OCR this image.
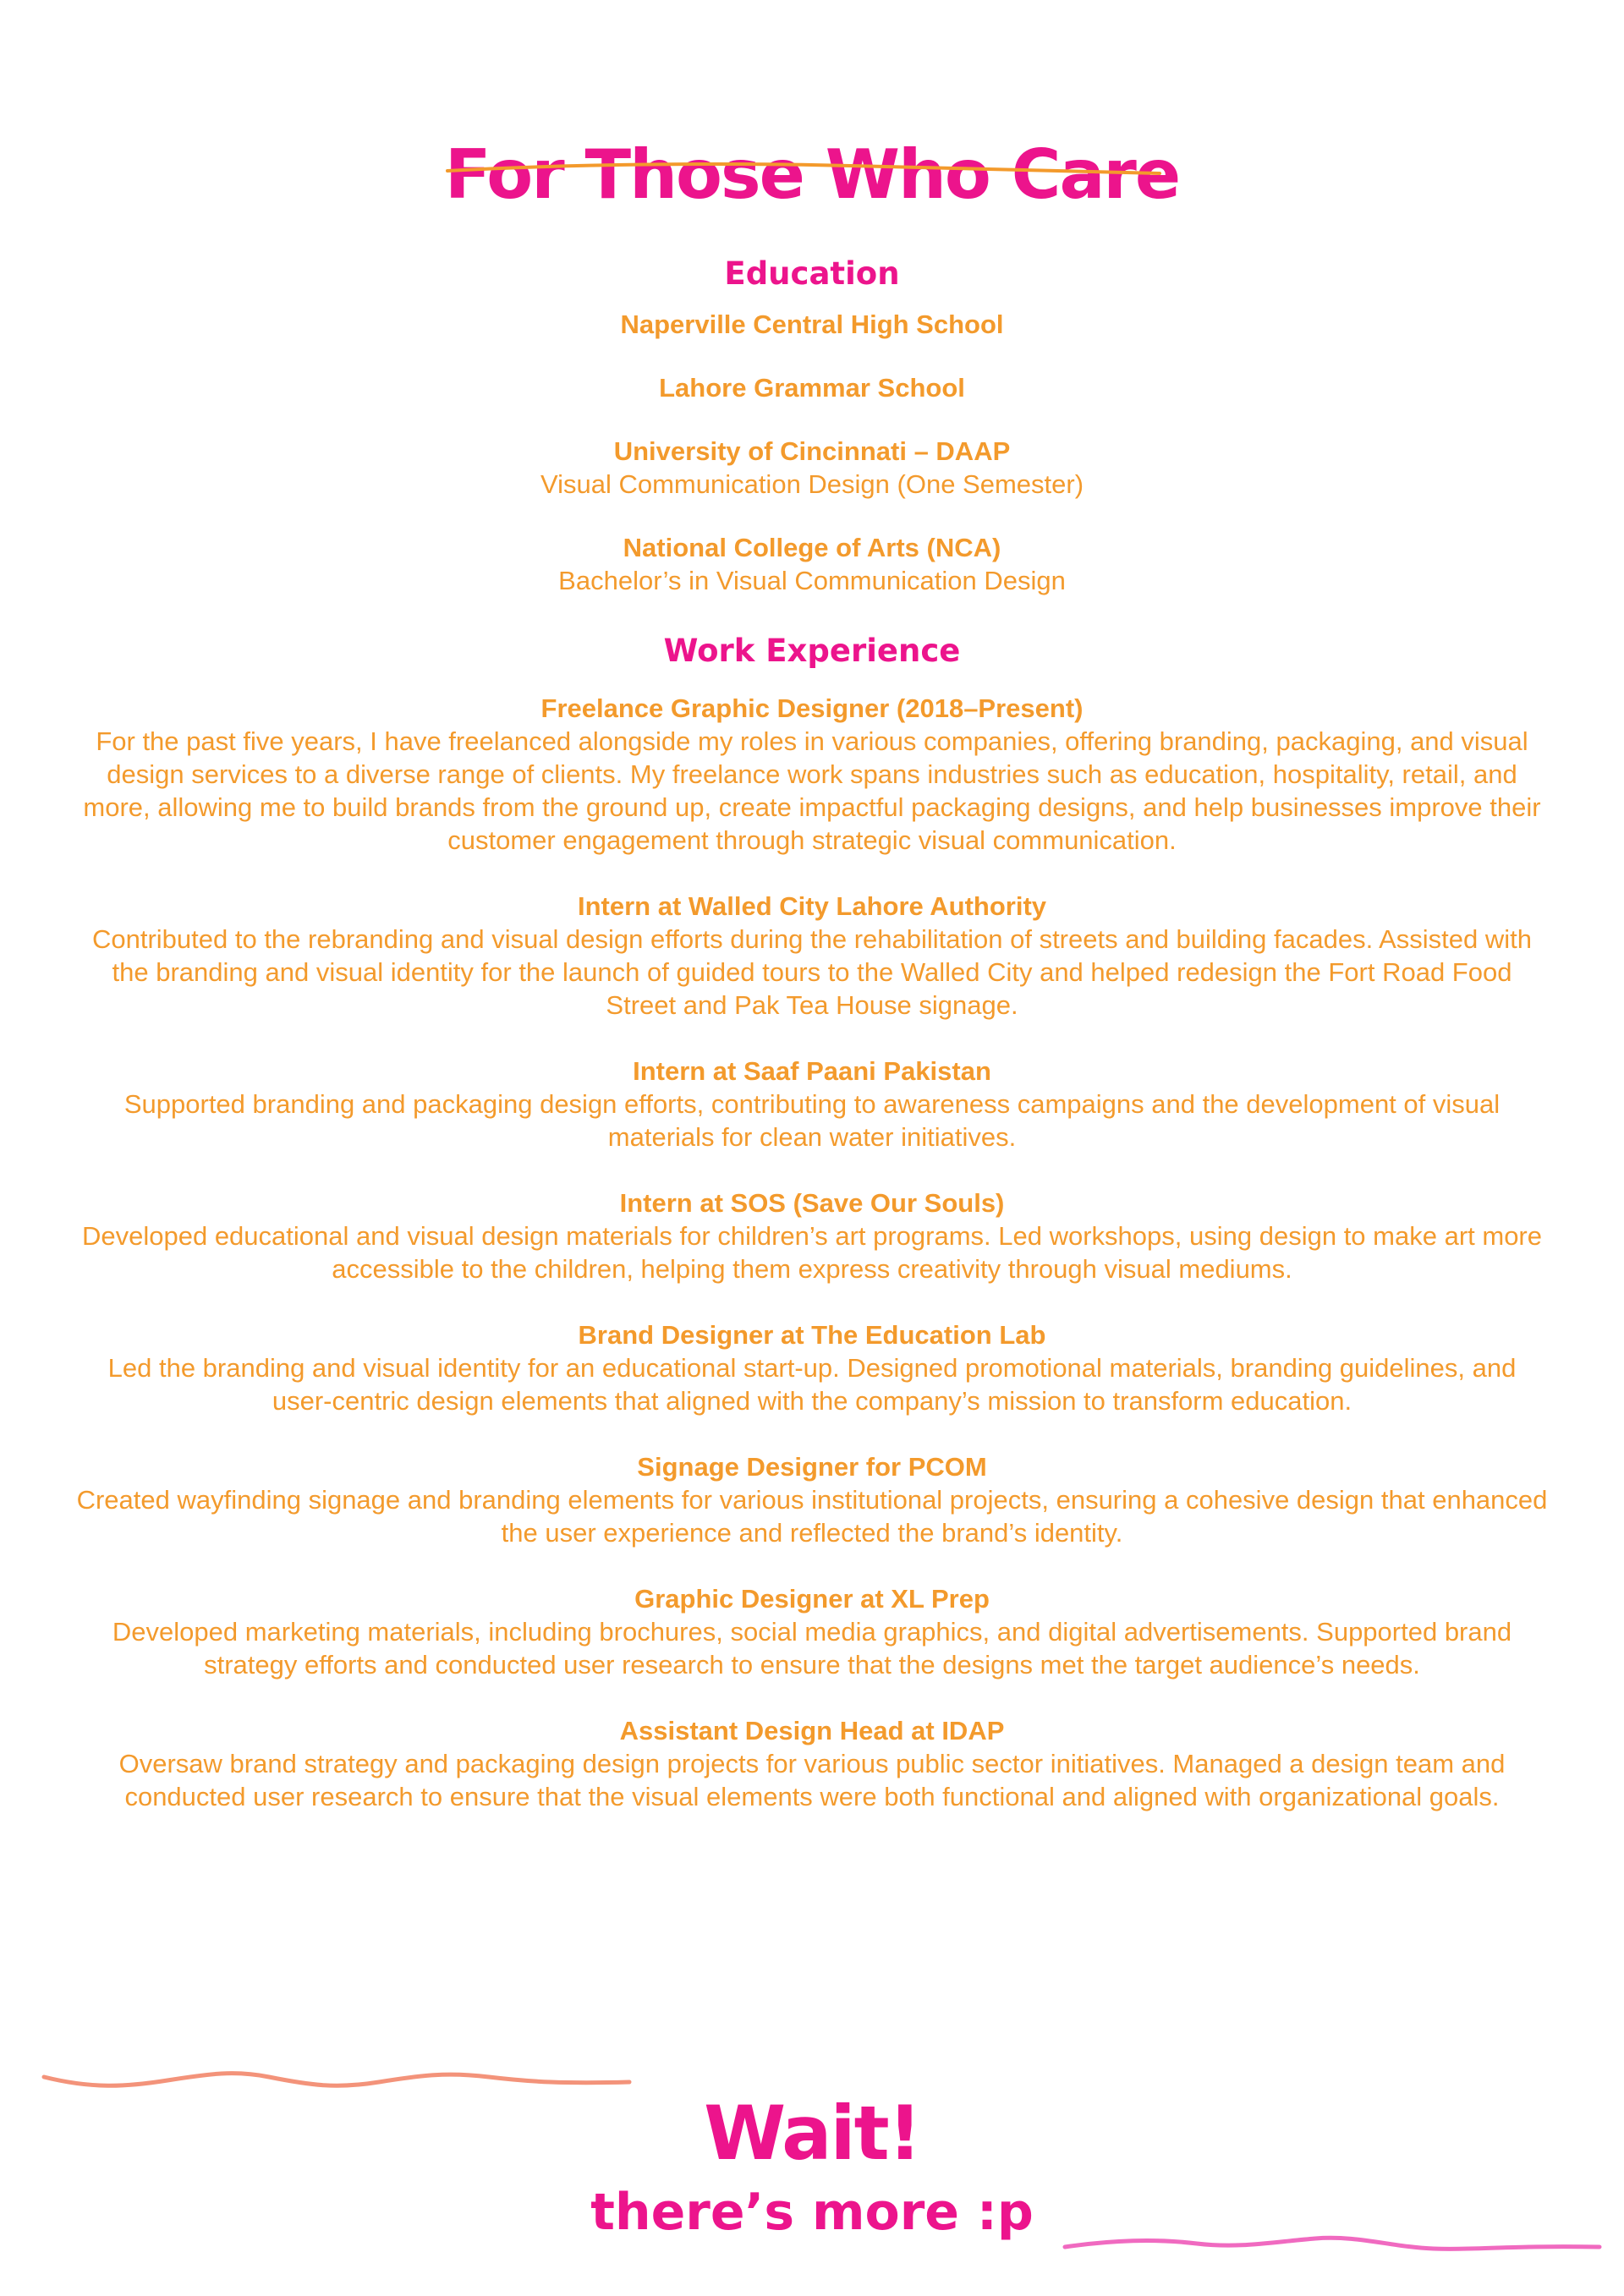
For Those Who Care
Education

Naperville Central High School

Lahore Grammar School

University of Cincinnati – DAAP

Visual Communication Design (One Semester)

National College of Arts (NCA)

Bachelor’s in Visual Communication Design

Work Experience

Freelance Graphic Designer (2018–Present)

For the past five years, I have freelanced alongside my roles in various companies, offering branding, packaging, and visual design services to a diverse range of clients. My freelance work spans industries such as education, hospitality, retail, and more, allowing me to build brands from the ground up, create impactful packaging designs, and help businesses improve their customer engagement through strategic visual communication.

Intern at Walled City Lahore Authority

Contributed to the rebranding and visual design efforts during the rehabilitation of streets and building facades. Assisted with the branding and visual identity for the launch of guided tours to the Walled City and helped redesign the Fort Road Food Street and Pak Tea House signage.

Intern at Saaf Paani Pakistan

Supported branding and packaging design efforts, contributing to awareness campaigns and the development of visual materials for clean water initiatives.

Intern at SOS (Save Our Souls)

Developed educational and visual design materials for children’s art programs. Led workshops, using design to make art more accessible to the children, helping them express creativity through visual mediums.

Brand Designer at The Education Lab

Led the branding and visual identity for an educational start-up. Designed promotional materials, branding guidelines, and user-centric design elements that aligned with the company’s mission to transform education.

Signage Designer for PCOM

Created wayfinding signage and branding elements for various institutional projects, ensuring a cohesive design that enhanced the user experience and reflected the brand’s identity.

Graphic Designer at XL Prep

Developed marketing materials, including brochures, social media graphics, and digital advertisements. Supported brand strategy efforts and conducted user research to ensure that the designs met the target audience’s needs.

Assistant Design Head at IDAP

Oversaw brand strategy and packaging design projects for various public sector initiatives. Managed a design team and conducted user research to ensure that the visual elements were both functional and aligned with organizational goals.

Wait!
there’s more :p
